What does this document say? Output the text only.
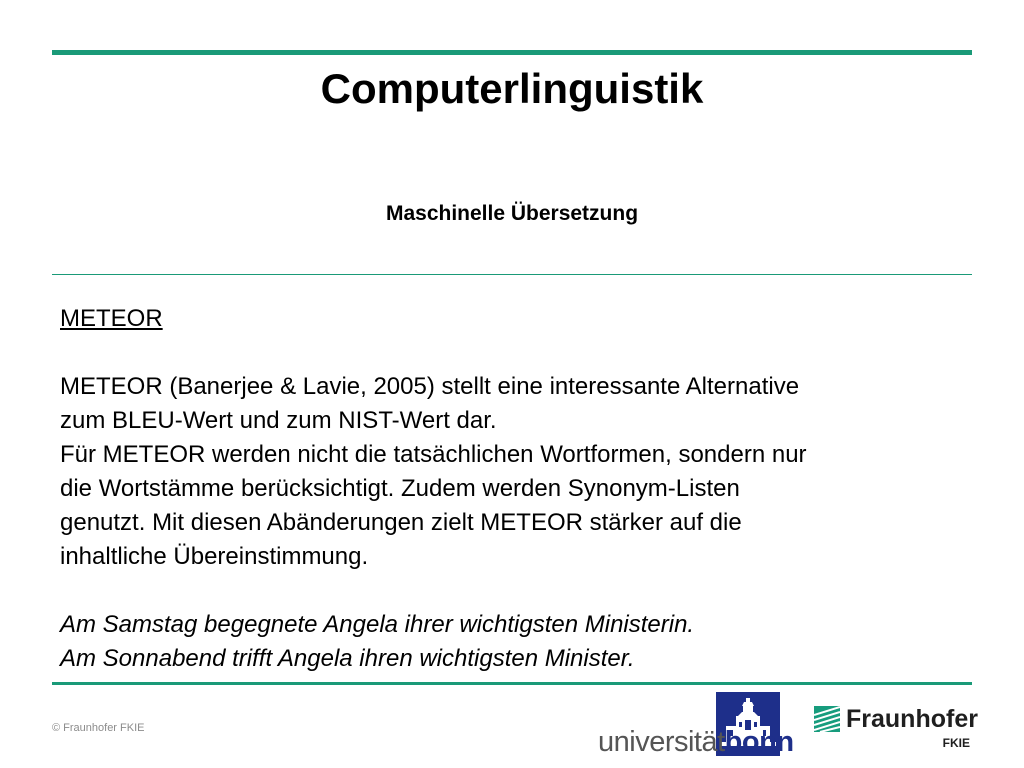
Computerlinguistik
Maschinelle Übersetzung

METEOR

METEOR (Banerjee & Lavie, 2005) stellt eine interessante Alternative

zum BLEU-Wert und zum NIST-Wert dar.

Für METEOR werden nicht die tatsächlichen Wortformen, sondern nur

die Wortstämme berücksichtigt. Zudem werden Synonym-Listen

genutzt. Mit diesen Abänderungen zielt METEOR stärker auf die

inhaltliche Übereinstimmung.

Am Samstag begegnete Angela ihrer wichtigsten Ministerin.

Am Sonnabend trifft Angela ihren wichtigsten Minister.

© Fraunhofer FKIE	universitätbonn
Fraunhofer
FKIE
